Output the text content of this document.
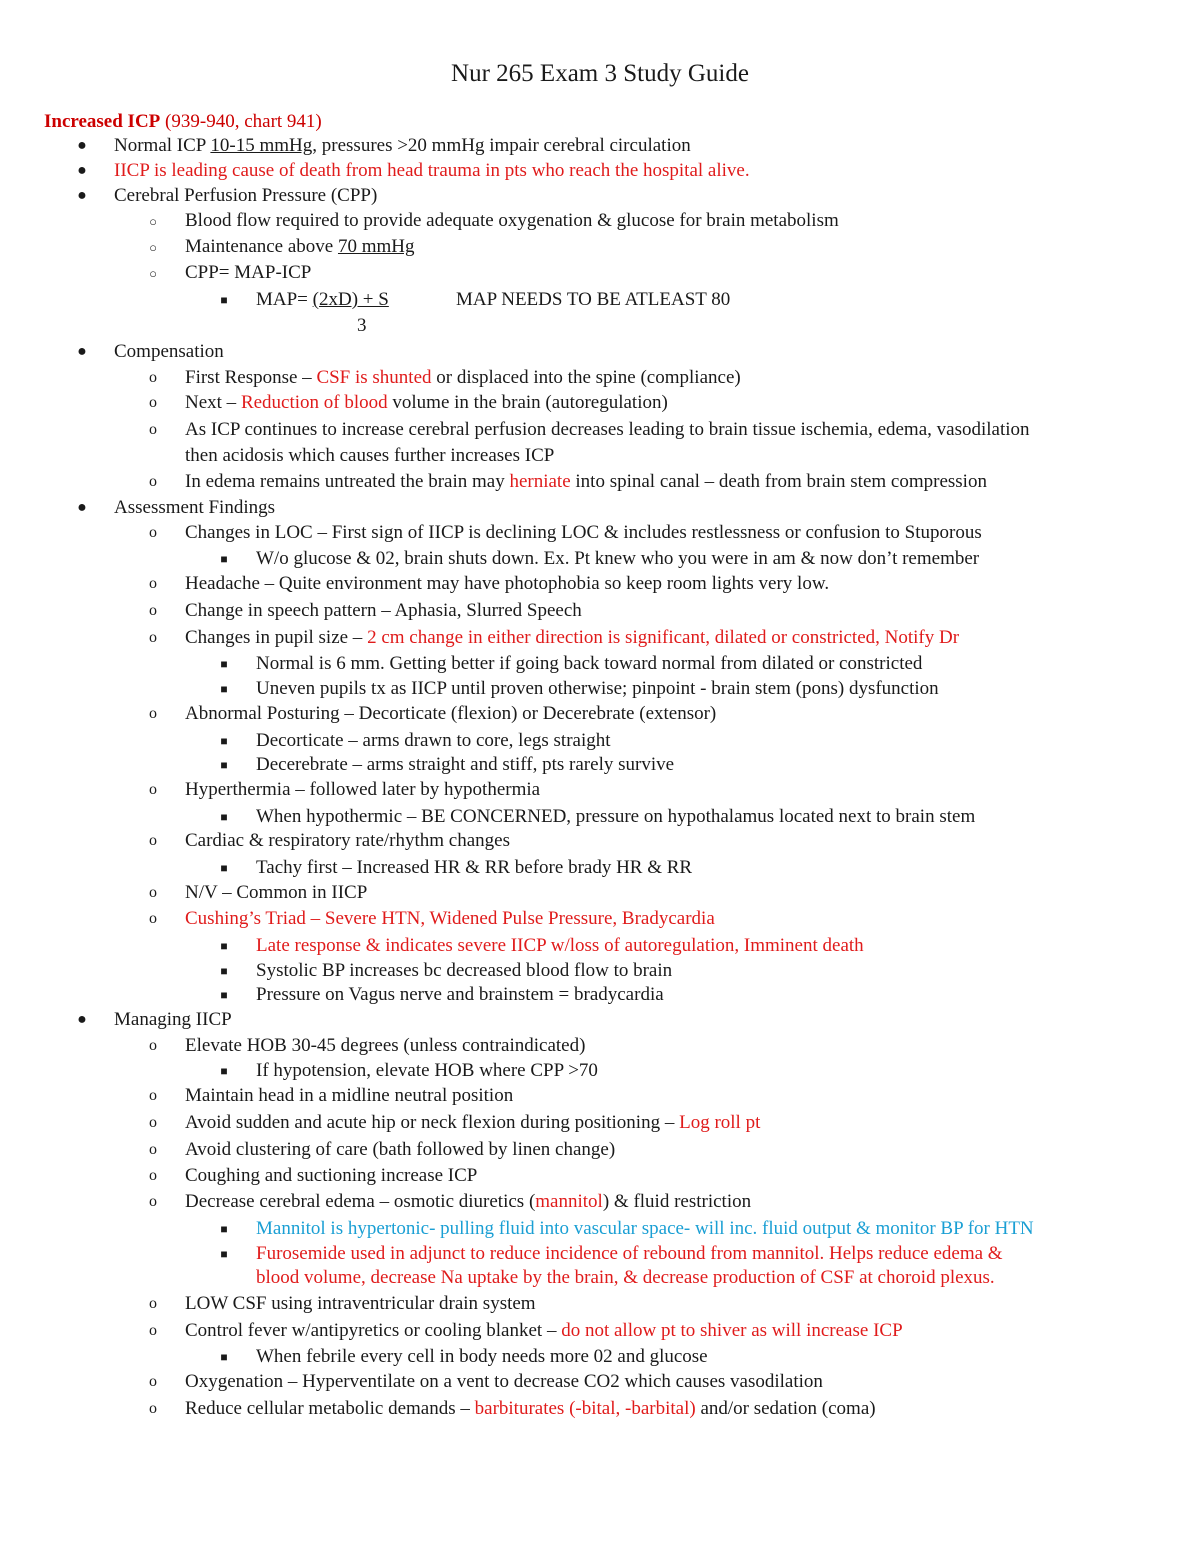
Nur 265 Exam 3 Study Guide
Increased ICP (939-940, chart 941)
● Normal ICP 10-15 mmHg, pressures >20 mmHg impair cerebral circulation
● IICP is leading cause of death from head trauma in pts who reach the hospital alive.
● Cerebral Perfusion Pressure (CPP)
○	Blood flow required to provide adequate oxygenation & glucose for brain metabolism
○	Maintenance above 70 mmHg
○	CPP= MAP-ICP
■	MAP= (2xD) + S	MAP NEEDS TO BE ATLEAST 80
3
● Compensation
o	First Response – CSF is shunted or displaced into the spine (compliance)
o	Next – Reduction of blood volume in the brain (autoregulation)
o	As ICP continues to increase cerebral perfusion decreases leading to brain tissue ischemia, edema, vasodilation
then acidosis which causes further increases ICP
o	In edema remains untreated the brain may herniate into spinal canal – death from brain stem compression
● Assessment Findings
o	Changes in LOC – First sign of IICP is declining LOC & includes restlessness or confusion to Stuporous
■	W/o glucose & 02, brain shuts down. Ex. Pt knew who you were in am & now don’t remember
o	Headache – Quite environment may have photophobia so keep room lights very low.
o	Change in speech pattern – Aphasia, Slurred Speech
o	Changes in pupil size – 2 cm change in either direction is significant, dilated or constricted, Notify Dr
■	Normal is 6 mm. Getting better if going back toward normal from dilated or constricted
■	Uneven pupils tx as IICP until proven otherwise; pinpoint - brain stem (pons) dysfunction
o	Abnormal Posturing – Decorticate (flexion) or Decerebrate (extensor)
■	Decorticate – arms drawn to core, legs straight
■	Decerebrate – arms straight and stiff, pts rarely survive
o	Hyperthermia – followed later by hypothermia
■	When hypothermic – BE CONCERNED, pressure on hypothalamus located next to brain stem
o	Cardiac & respiratory rate/rhythm changes
■	Tachy first – Increased HR & RR before brady HR & RR
o	N/V – Common in IICP
o	Cushing’s Triad – Severe HTN, Widened Pulse Pressure, Bradycardia
■	Late response & indicates severe IICP w/loss of autoregulation, Imminent death
■	Systolic BP increases bc decreased blood flow to brain
■	Pressure on Vagus nerve and brainstem = bradycardia
● Managing IICP
o	Elevate HOB 30-45 degrees (unless contraindicated)
■	If hypotension, elevate HOB where CPP >70
o	Maintain head in a midline neutral position
o	Avoid sudden and acute hip or neck flexion during positioning – Log roll pt
o	Avoid clustering of care (bath followed by linen change)
o	Coughing and suctioning increase ICP
o	Decrease cerebral edema – osmotic diuretics (mannitol) & fluid restriction
■	Mannitol is hypertonic- pulling fluid into vascular space- will inc. fluid output & monitor BP for HTN
■	Furosemide used in adjunct to reduce incidence of rebound from mannitol. Helps reduce edema &
blood volume, decrease Na uptake by the brain, & decrease production of CSF at choroid plexus.
o	LOW CSF using intraventricular drain system
o	Control fever w/antipyretics or cooling blanket – do not allow pt to shiver as will increase ICP
■	When febrile every cell in body needs more 02 and glucose
o	Oxygenation – Hyperventilate on a vent to decrease CO2 which causes vasodilation
o	Reduce cellular metabolic demands – barbiturates (-bital, -barbital) and/or sedation (coma)
